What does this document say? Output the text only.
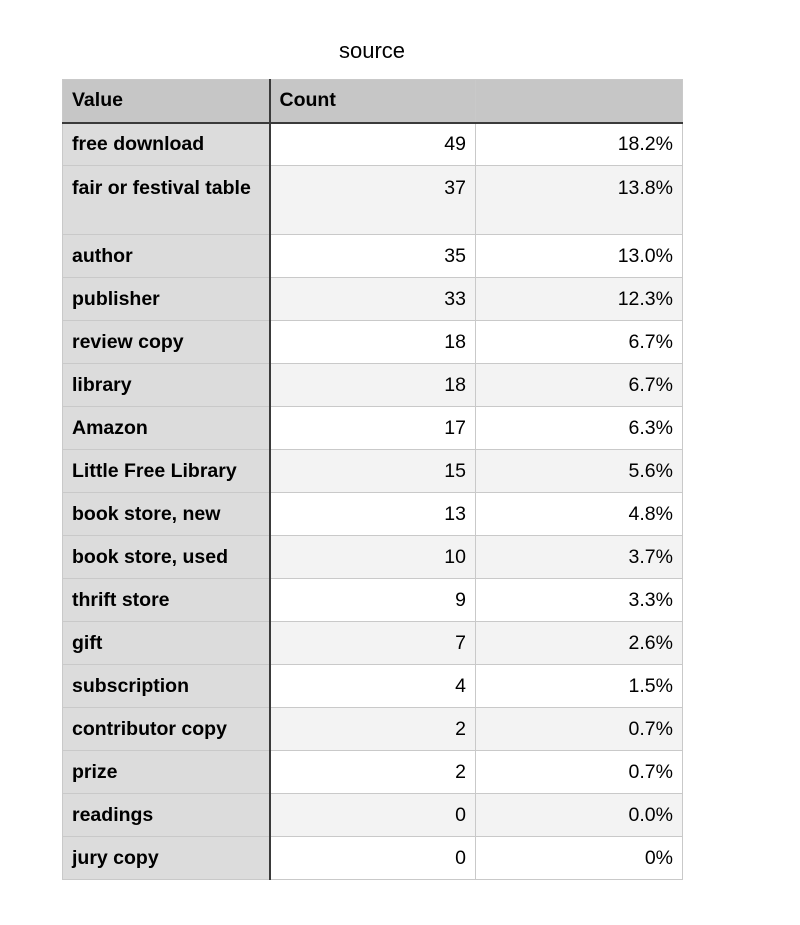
source
Value	Count	
free download	49	18.2%
fair or festival table	37	13.8%
author	35	13.0%
publisher	33	12.3%
review copy	18	6.7%
library	18	6.7%
Amazon	17	6.3%
Little Free Library	15	5.6%
book store, new	13	4.8%
book store, used	10	3.7%
thrift store	9	3.3%
gift	7	2.6%
subscription	4	1.5%
contributor copy	2	0.7%
prize	2	0.7%
readings	0	0.0%
jury copy	0	0%
